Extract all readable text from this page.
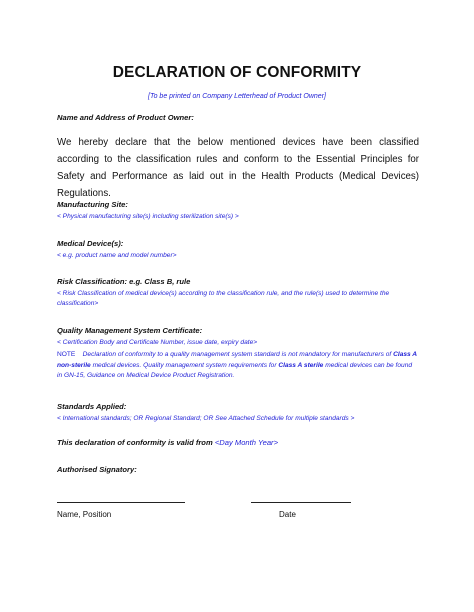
DECLARATION OF CONFORMITY
[To be printed on Company Letterhead of Product Owner]
Name and Address of Product Owner:
We hereby declare that the below mentioned devices have been classified according to the classification rules and conform to the Essential Principles for Safety and Performance as laid out in the Health Products (Medical Devices) Regulations.
Manufacturing Site:
< Physical manufacturing site(s) including sterilization site(s) >
Medical Device(s):
< e.g. product name and model number>
Risk Classification: e.g. Class B, rule
< Risk Classification of medical device(s) according to the classification rule, and the rule(s) used to determine the classification>
Quality Management System Certificate:
< Certification Body and Certificate Number, issue date, expiry date>
NOTE Declaration of conformity to a quality management system standard is not mandatory for manufacturers of Class A non-sterile medical devices. Quality management system requirements for Class A sterile medical devices can be found in GN-15, Guidance on Medical Device Product Registration.
Standards Applied:
< International standards; OR Regional Standard; OR See Attached Schedule for multiple standards >
This declaration of conformity is valid from <Day Month Year>
Authorised Signatory:
Name, Position	Date
